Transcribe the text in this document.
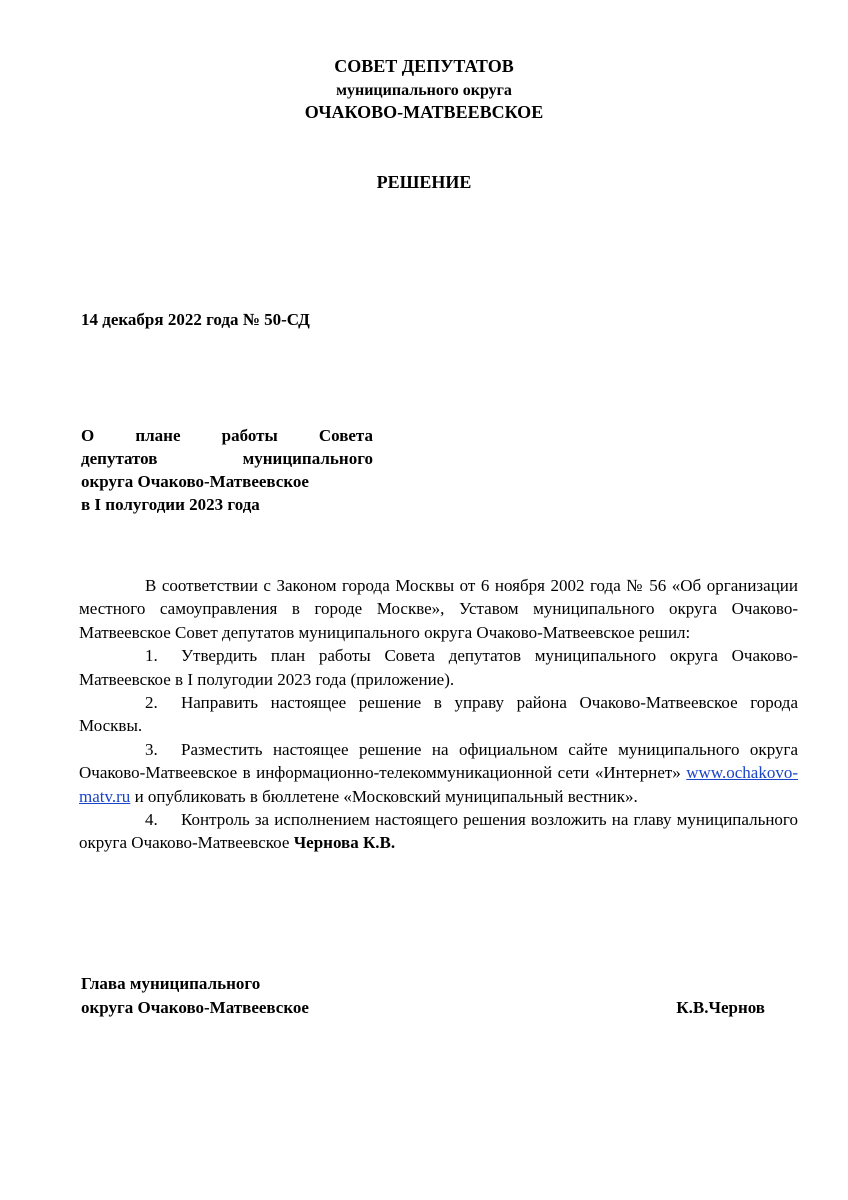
СОВЕТ ДЕПУТАТОВ
муниципального округа
ОЧАКОВО-МАТВЕЕВСКОЕ
РЕШЕНИЕ
14 декабря 2022 года № 50-СД
О плане работы Совета
депутатов муниципального
округа Очаково-Матвеевское
в I полугодии 2023 года

В соответствии с Законом города Москвы от 6 ноября 2002 года № 56 «Об организации местного самоуправления в городе Москве», Уставом муниципального округа Очаково-Матвеевское Совет депутатов муниципального округа Очаково-Матвеевское решил:

1. Утвердить план работы Совета депутатов муниципального округа Очаково- Матвеевское в I полугодии 2023 года (приложение).

2. Направить настоящее решение в управу района Очаково-Матвеевское города Москвы.

3. Разместить настоящее решение на официальном сайте муниципального округа Очаково-Матвеевское в информационно-телекоммуникационной сети «Интернет» www.ochakovo-matv.ru и опубликовать в бюллетене «Московский муниципальный вестник».

4. Контроль за исполнением настоящего решения возложить на главу муниципального округа Очаково-Матвеевское Чернова К.В.

Глава муниципального
округа Очаково-Матвеевское	К.В.Чернов
